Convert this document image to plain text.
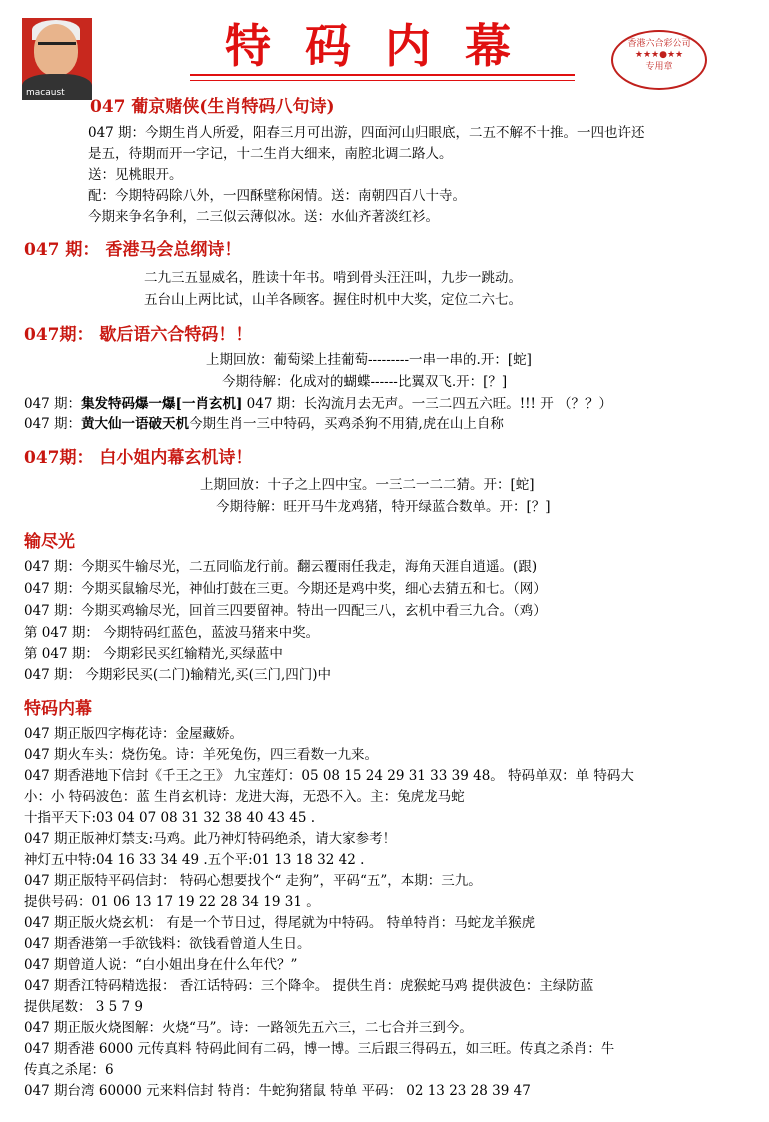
macaust
特码内幕	香港六合彩公司
★★★●★★
专用章
047 葡京赌侠(生肖特码八句诗)
047 期：今期生肖人所爱，阳春三月可出游，四面河山归眼底，二五不解不十推。一四也许还
是五，待期而开一字记，十二生肖大细来，南腔北调二路人。
送：见桃眼开。
配：今期特码除八外，一四酥壁称闲情。送：南朝四百八十寺。
今期来争名争利，二三似云薄似冰。送：水仙齐著淡红衫。
047 期： 香港马会总纲诗！
二九三五显威名，胜读十年书。啃到骨头汪汪叫，九步一跳动。
五台山上两比试，山羊各顾客。握住时机中大奖，定位二六七。
047期： 歇后语六合特码！！
上期回放：葡萄梁上挂葡萄---------一串一串的.开：[蛇]
今期待解：化成对的蝴蝶------比翼双飞.开：[？]
047 期：集发特码爆一爆[一肖玄机] 047 期：长沟流月去无声。一三二四五六旺。!!! 开 （？？）
047 期：黄大仙一语破天机今期生肖一三中特码，买鸡杀狗不用猜,虎在山上自称
047期： 白小姐内幕玄机诗！
上期回放：十子之上四中宝。一三二一二二猜。开：[蛇]
今期待解：旺开马牛龙鸡猪，特开绿蓝合数单。开：[？]
输尽光
047 期：今期买牛输尽光，二五同临龙行前。翻云覆雨任我走，海角天涯自逍遥。(跟)
047 期：今期买鼠输尽光，神仙打鼓在三更。今期还是鸡中奖，细心去猜五和七。（网）
047 期：今期买鸡输尽光，回首三四要留神。特出一四配三八，玄机中看三九合。（鸡）
第 047 期： 今期特码红蓝色，蓝波马猪来中奖。
第 047 期： 今期彩民买红输精光,买绿蓝中
047 期： 今期彩民买(二门)输精光,买(三门,四门)中
特码内幕
047 期正版四字梅花诗：金屋藏娇。
047 期火车头：烧伤兔。诗：羊死兔伤，四三看数一九来。
047 期香港地下信封《千王之王》 九宝莲灯：05 08 15 24 29 31 33 39 48。 特码单双：单 特码大
小：小 特码波色：蓝 生肖玄机诗：龙进大海，无恐不入。主：兔虎龙马蛇
十指平天下:03 04 07 08 31 32 38 40 43 45 .
047 期正版神灯禁支:马鸡。此乃神灯特码绝杀，请大家参考！
神灯五中特:04 16 33 34 49 .五个平:01 13 18 32 42 .
047 期正版特平码信封： 特码心想要找个“ 走狗”，平码“五”，本期：三九。
提供号码：01 06 13 17 19 22 28 34 19 31 。
047 期正版火烧玄机： 有是一个节日过，得尾就为中特码。 特单特肖：马蛇龙羊猴虎
047 期香港第一手欲钱料：欲钱看曾道人生日。
047 期曾道人说：“白小姐出身在什么年代？”
047 期香江特码精选报： 香江话特码：三个降伞。 提供生肖：虎猴蛇马鸡 提供波色：主绿防蓝
提供尾数： 3 5 7 9
047 期正版火烧图解：火烧“马”。诗：一路领先五六三，二七合并三到今。
047 期香港 6000 元传真料 特码此间有二码，博一博。三后跟三得码五，如三旺。传真之杀肖：牛
传真之杀尾：6
047 期台湾 60000 元来料信封 特肖：牛蛇狗猪鼠 特单 平码： 02 13 23 28 39 47
